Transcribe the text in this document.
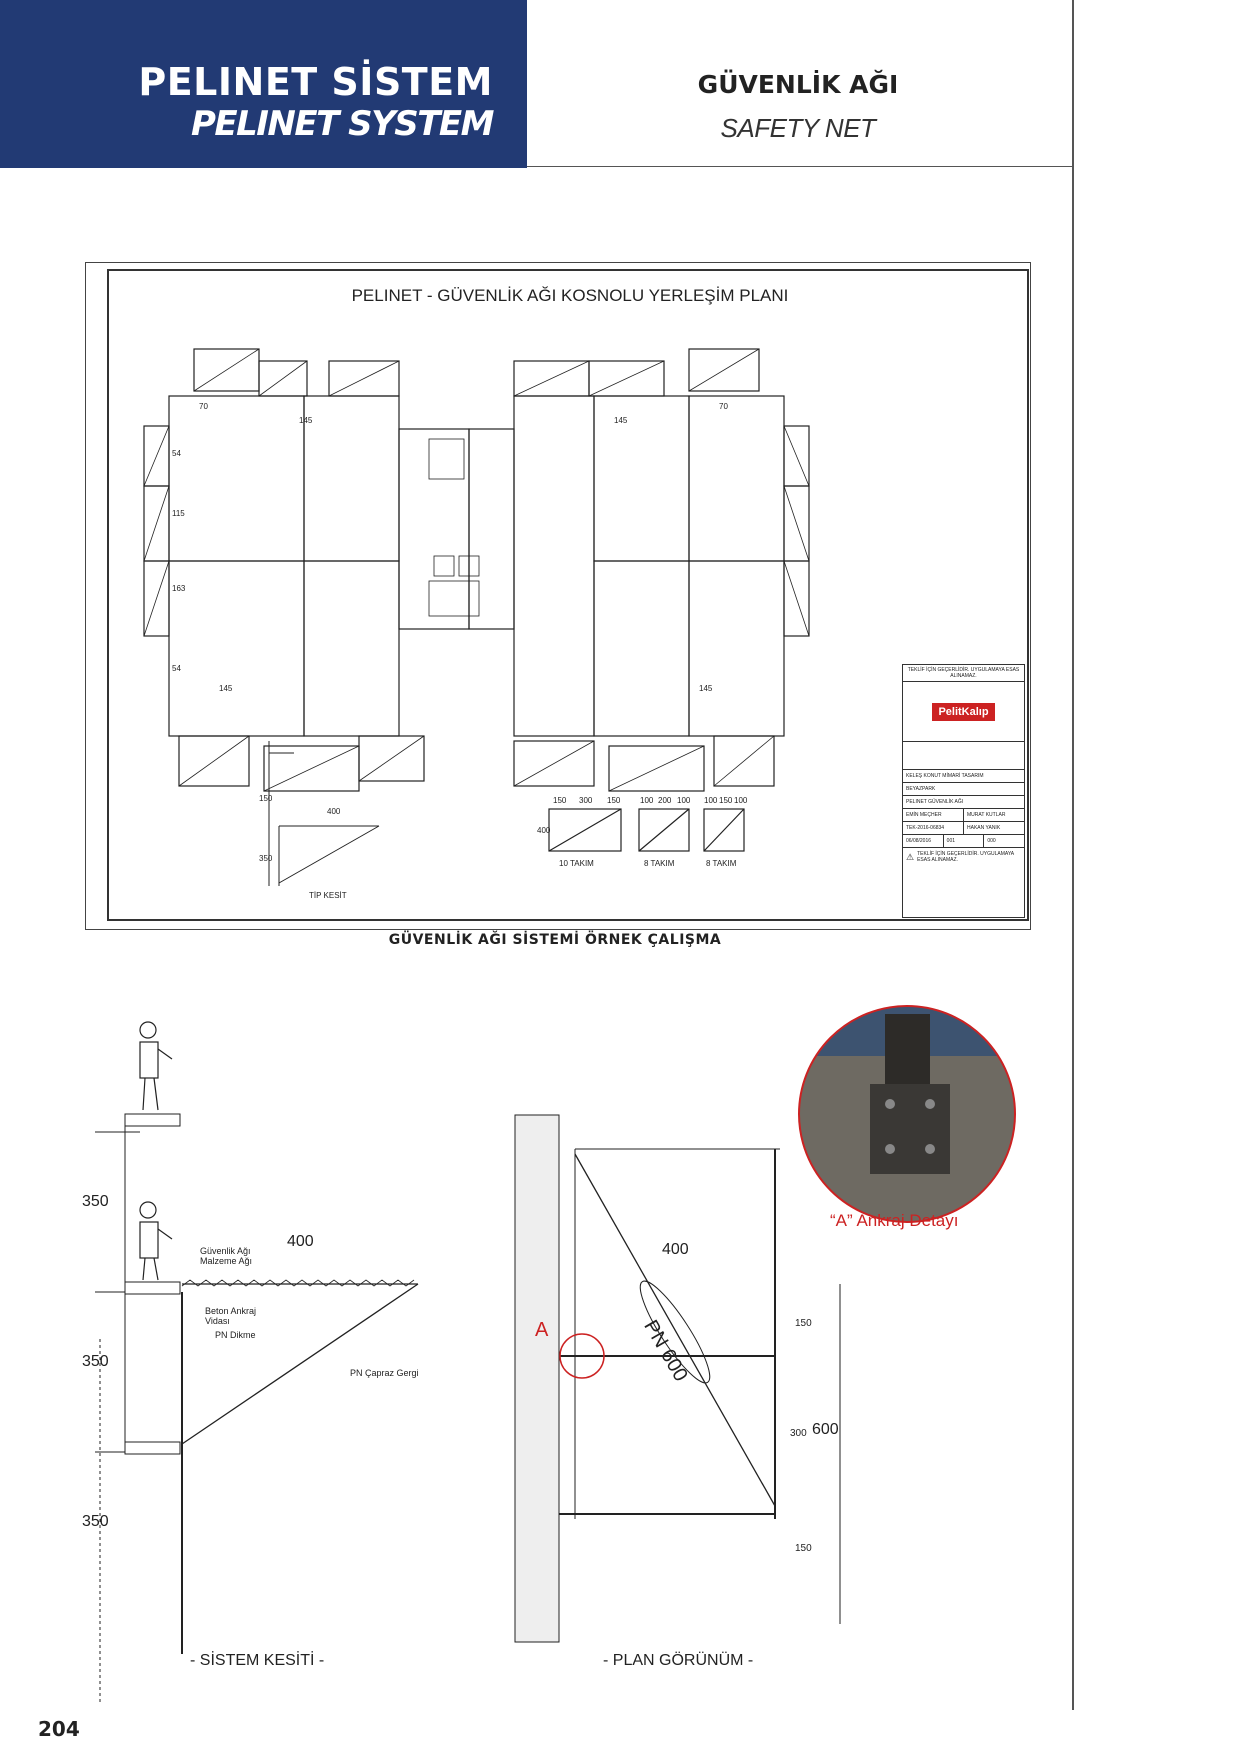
PELINET SİSTEM
PELINET SYSTEM
GÜVENLİK AĞI
SAFETY NET
PELINET - GÜVENLİK AĞI KOSNOLU YERLEŞİM PLANI
70
145	145
70
54
115
163
54
145	145
TİP KESİT
150
350
400
150 300 150 100 200 100 100 150 100
400
10 TAKIM	8 TAKIM	8 TAKIM
TEKLİF İÇİN GEÇERLİDİR. UYGULAMAYA ESAS ALINAMAZ.
PelitKalıp
KELEŞ KONUT MİMARİ TASARIM
BEYAZPARK
PELINET GÜVENLİK AĞI
EMİN MEÇHER	MURAT KUTLAR
TEK-2016-06834	HAKAN YANIK
06/08/2016	001	000
⚠ TEKLİF İÇİN GEÇERLİDİR. UYGULAMAYA ESAS ALINAMAZ.
GÜVENLİK AĞI SİSTEMİ ÖRNEK ÇALIŞMA
350
350
350
400
Güvenlik Ağı Malzeme Ağı
Beton Ankraj Vidası
PN Dikme
PN Çapraz Gergi
- SİSTEM KESİTİ -
A
400
600
150
300
150
PN 600
- PLAN GÖRÜNÜM -
“A” Ankraj Detayı
204
